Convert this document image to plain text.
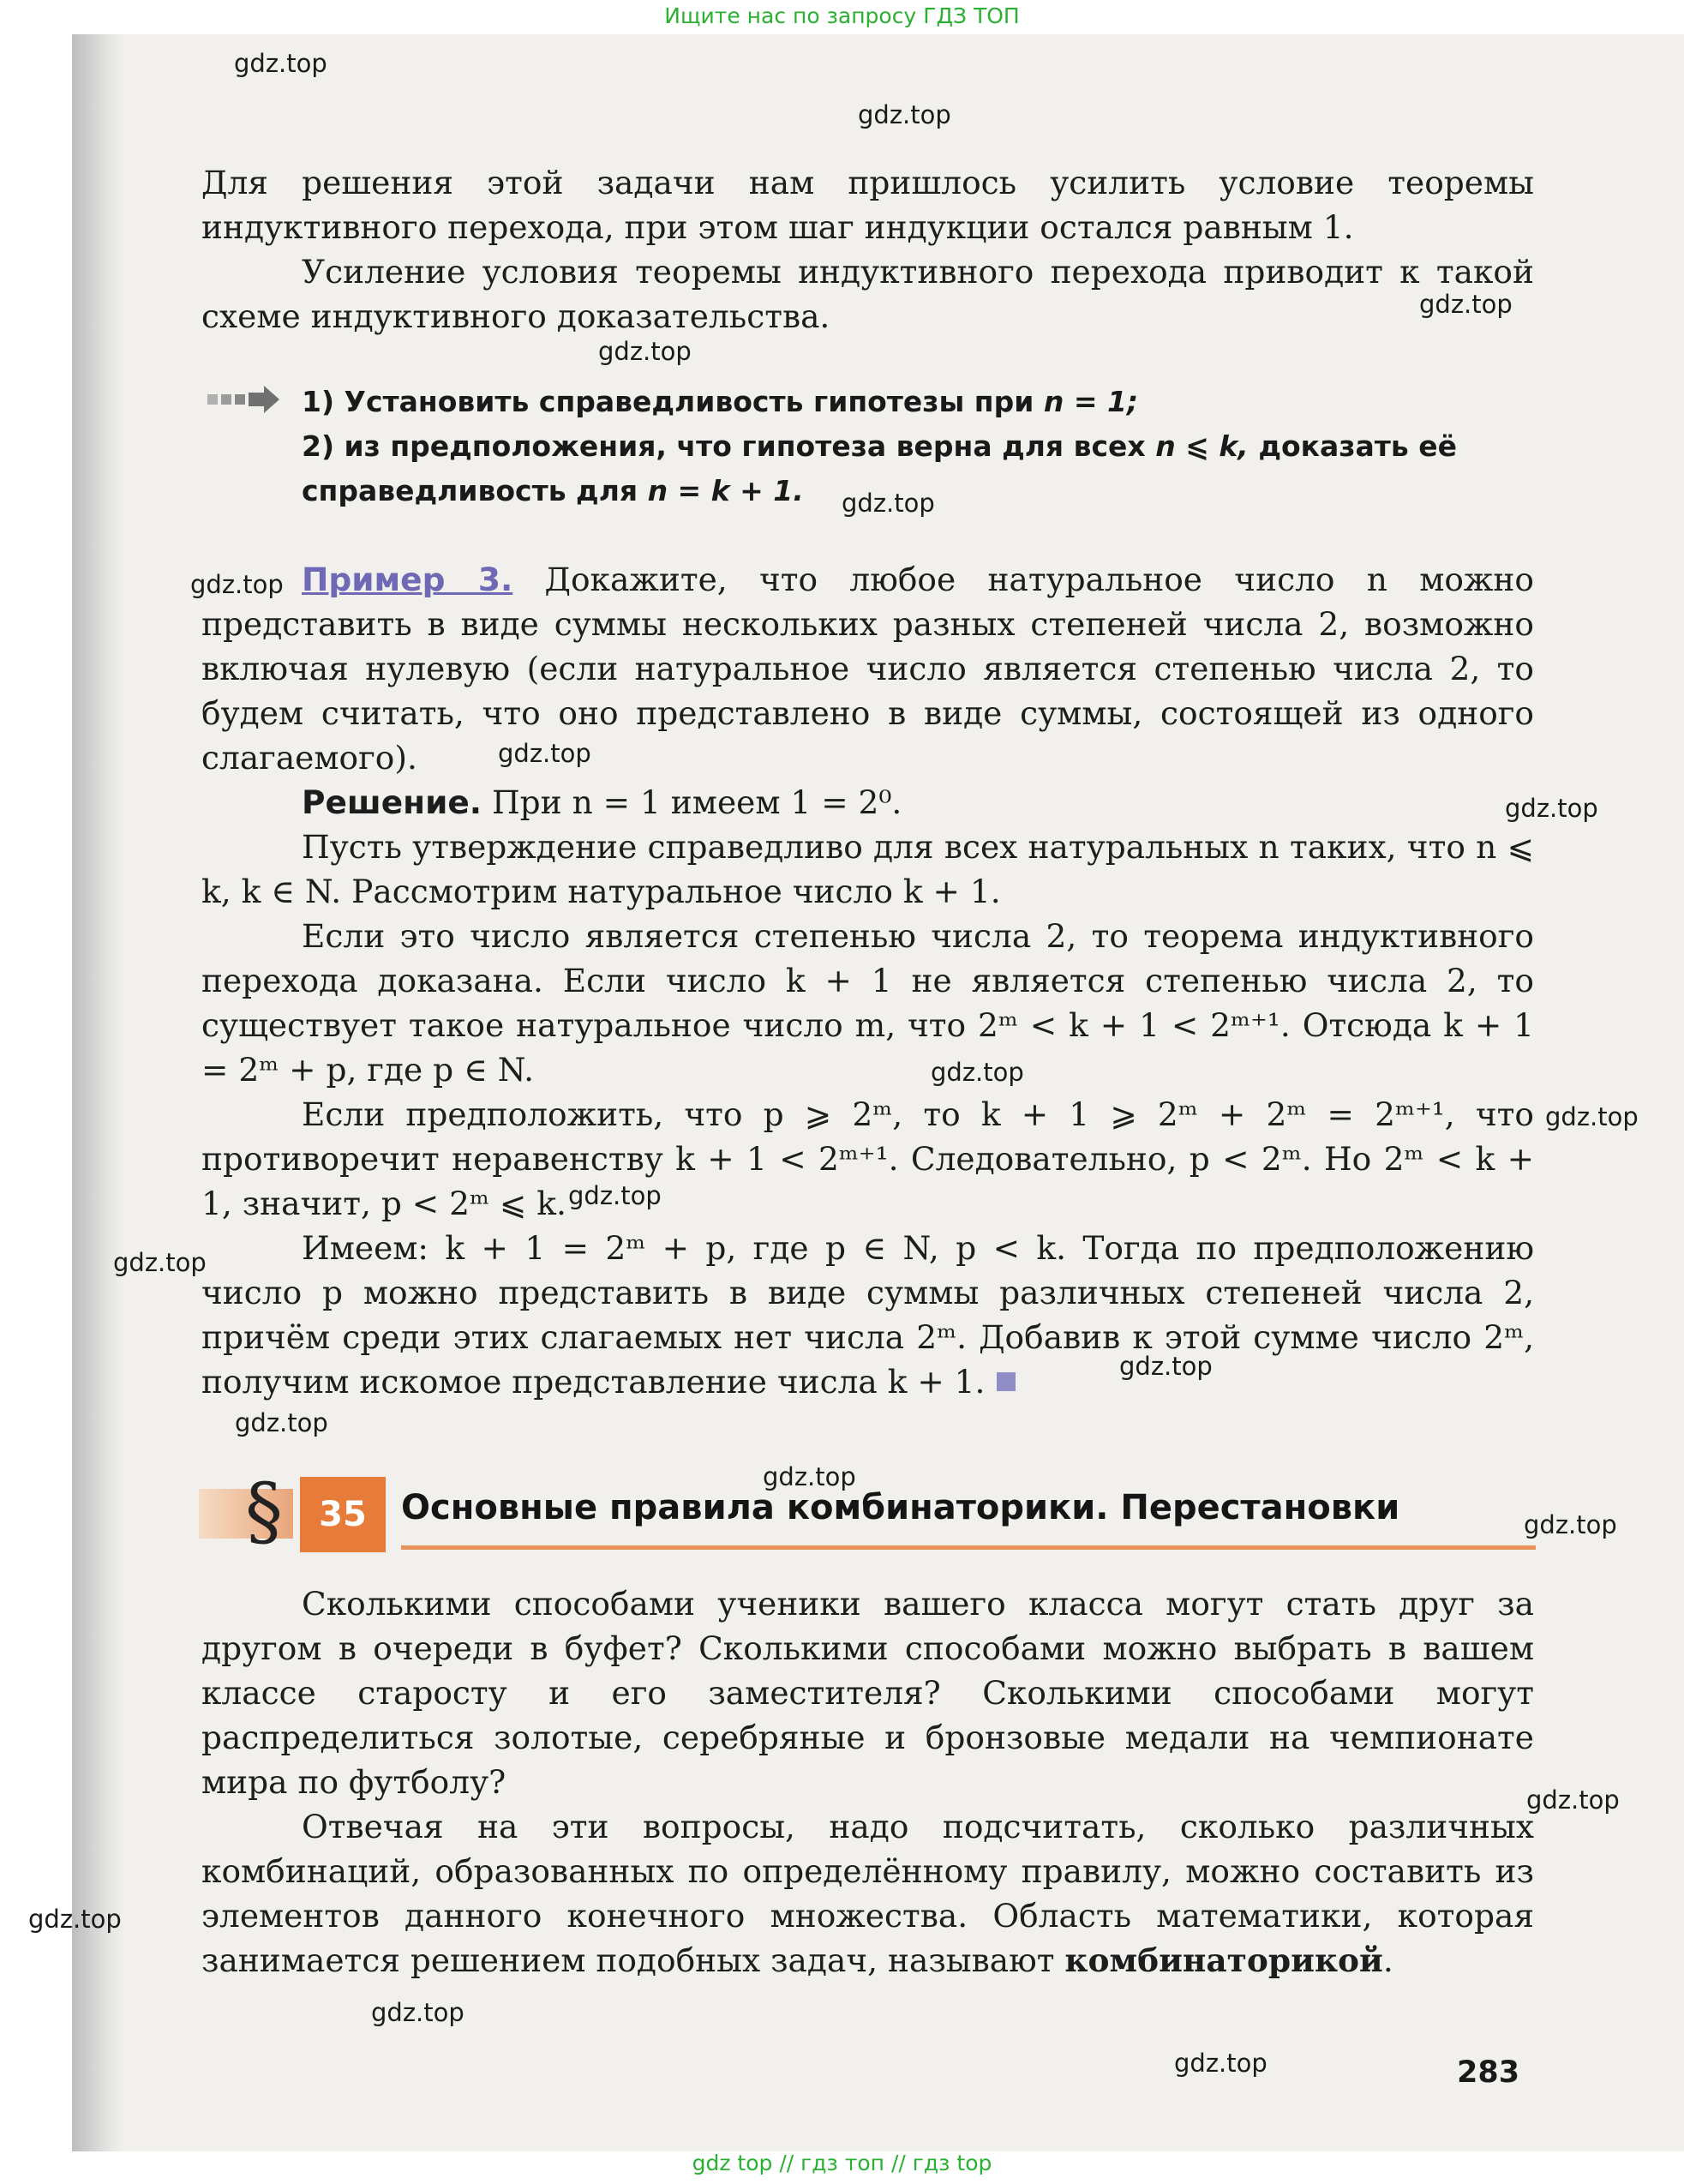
Ищите нас по запросу ГДЗ ТОП
gdz.top
gdz.top
gdz.top
gdz.top
gdz.top
gdz.top
gdz.top
gdz.top
gdz.top
gdz.top
gdz.top
gdz.top
gdz.top
gdz.top
gdz.top
gdz.top
gdz.top
gdz.top
gdz.top
gdz.top

Для решения этой задачи нам пришлось усилить условие теоремы индуктивного перехода, при этом шаг индукции остался равным 1.

Усиление условия теоремы индуктивного перехода приводит к такой схеме индуктивного доказательства.

1) Установить справедливость гипотезы при n = 1;
2) из предположения, что гипотеза верна для всех n ⩽ k, доказать её
справедливость для n = k + 1.

Пример 3. Докажите, что любое натуральное число n можно представить в виде суммы нескольких разных степеней числа 2, возможно включая нулевую (если натуральное число является степенью числа 2, то будем считать, что оно представлено в виде суммы, состоящей из одного слагаемого).

Решение. При n = 1 имеем 1 = 2⁰.

Пусть утверждение справедливо для всех натуральных n таких, что n ⩽ k, k ∈ N. Рассмотрим натуральное число k + 1.

Если это число является степенью числа 2, то теорема индуктивного перехода доказана. Если число k + 1 не является степенью числа 2, то существует такое натуральное число m, что 2ᵐ < k + 1 < 2ᵐ⁺¹. Отсюда k + 1 = 2ᵐ + p, где p ∈ N.

Если предположить, что p ⩾ 2ᵐ, то k + 1 ⩾ 2ᵐ + 2ᵐ = 2ᵐ⁺¹, что противоречит неравенству k + 1 < 2ᵐ⁺¹. Следовательно, p < 2ᵐ. Но 2ᵐ < k + 1, значит, p < 2ᵐ ⩽ k.

Имеем: k + 1 = 2ᵐ + p, где p ∈ N, p < k. Тогда по предположению число p можно представить в виде суммы различных степеней числа 2, причём среди этих слагаемых нет числа 2ᵐ. Добавив к этой сумме число 2ᵐ, получим искомое представление числа k + 1.

§	35	Основные правила комбинаторики. Перестановки

Сколькими способами ученики вашего класса могут стать друг за другом в очереди в буфет? Сколькими способами можно выбрать в вашем классе старосту и его заместителя? Сколькими способами могут распределиться золотые, серебряные и бронзовые медали на чемпионате мира по футболу?

Отвечая на эти вопросы, надо подсчитать, сколько различных комбинаций, образованных по определённому правилу, можно составить из элементов данного конечного множества. Область математики, которая занимается решением подобных задач, называют комбинаторикой.

283
gdz top // гдз топ // гдз top
